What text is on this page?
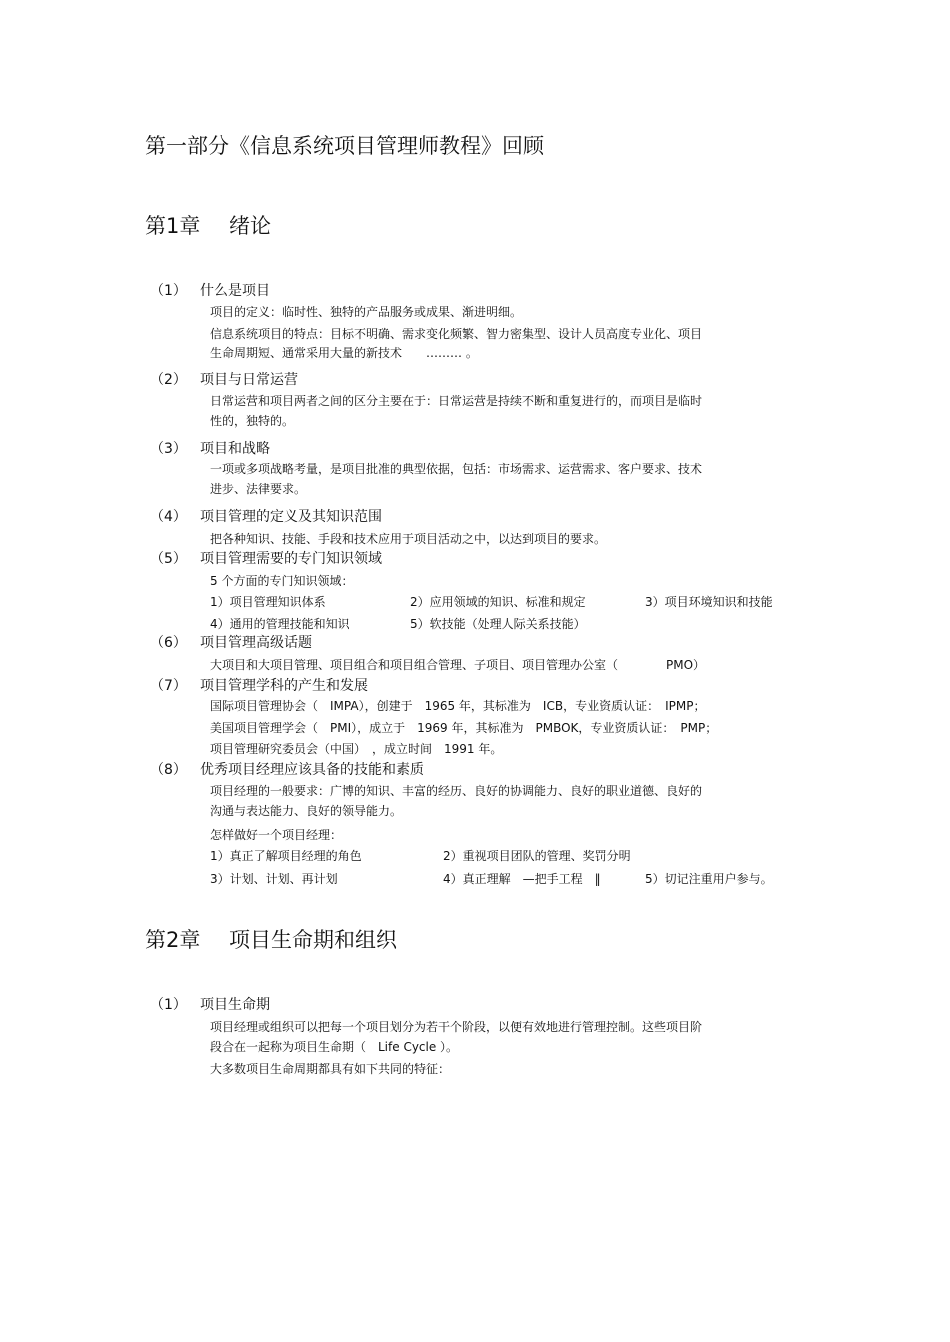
第一部分《信息系统项目管理师教程》回顾
第1章 绪论
（1） 什么是项目
项目的定义：临时性、独特的产品服务或成果、渐进明细。
信息系统项目的特点：目标不明确、需求变化频繁、智力密集型、设计人员高度专业化、项目
生命周期短、通常采用大量的新技术　　……… 。
（2） 项目与日常运营
日常运营和项目两者之间的区分主要在于：日常运营是持续不断和重复进行的，而项目是临时
性的，独特的。
（3） 项目和战略
一项或多项战略考量，是项目批准的典型依据，包括：市场需求、运营需求、客户要求、技术
进步、法律要求。
（4） 项目管理的定义及其知识范围
把各种知识、技能、手段和技术应用于项目活动之中，以达到项目的要求。
（5） 项目管理需要的专门知识领域
5 个方面的专门知识领域：
1）项目管理知识体系	2）应用领域的知识、标准和规定	3）项目环境知识和技能
4）通用的管理技能和知识	5）软技能（处理人际关系技能）
（6） 项目管理高级话题
大项目和大项目管理、项目组合和项目组合管理、子项目、项目管理办公室（　　　　PMO）
（7） 项目管理学科的产生和发展
国际项目管理协会（　IMPA），创建于　1965 年，其标准为　ICB，专业资质认证：　IPMP；
美国项目管理学会（　PMI），成立于　1969 年，其标准为　PMBOK，专业资质认证：　PMP；
项目管理研究委员会（中国）　，成立时间　1991 年。
（8） 优秀项目经理应该具备的技能和素质
项目经理的一般要求：广博的知识、丰富的经历、良好的协调能力、良好的职业道德、良好的
沟通与表达能力、良好的领导能力。
怎样做好一个项目经理：
1）真正了解项目经理的角色	2）重视项目团队的管理、奖罚分明
3）计划、计划、再计划	4）真正理解　—把手工程　‖	5）切记注重用户参与。
第2章 项目生命期和组织
（1） 项目生命期
项目经理或组织可以把每一个项目划分为若干个阶段，以便有效地进行管理控制。这些项目阶
段合在一起称为项目生命期（　Life Cycle ）。
大多数项目生命周期都具有如下共同的特征：
